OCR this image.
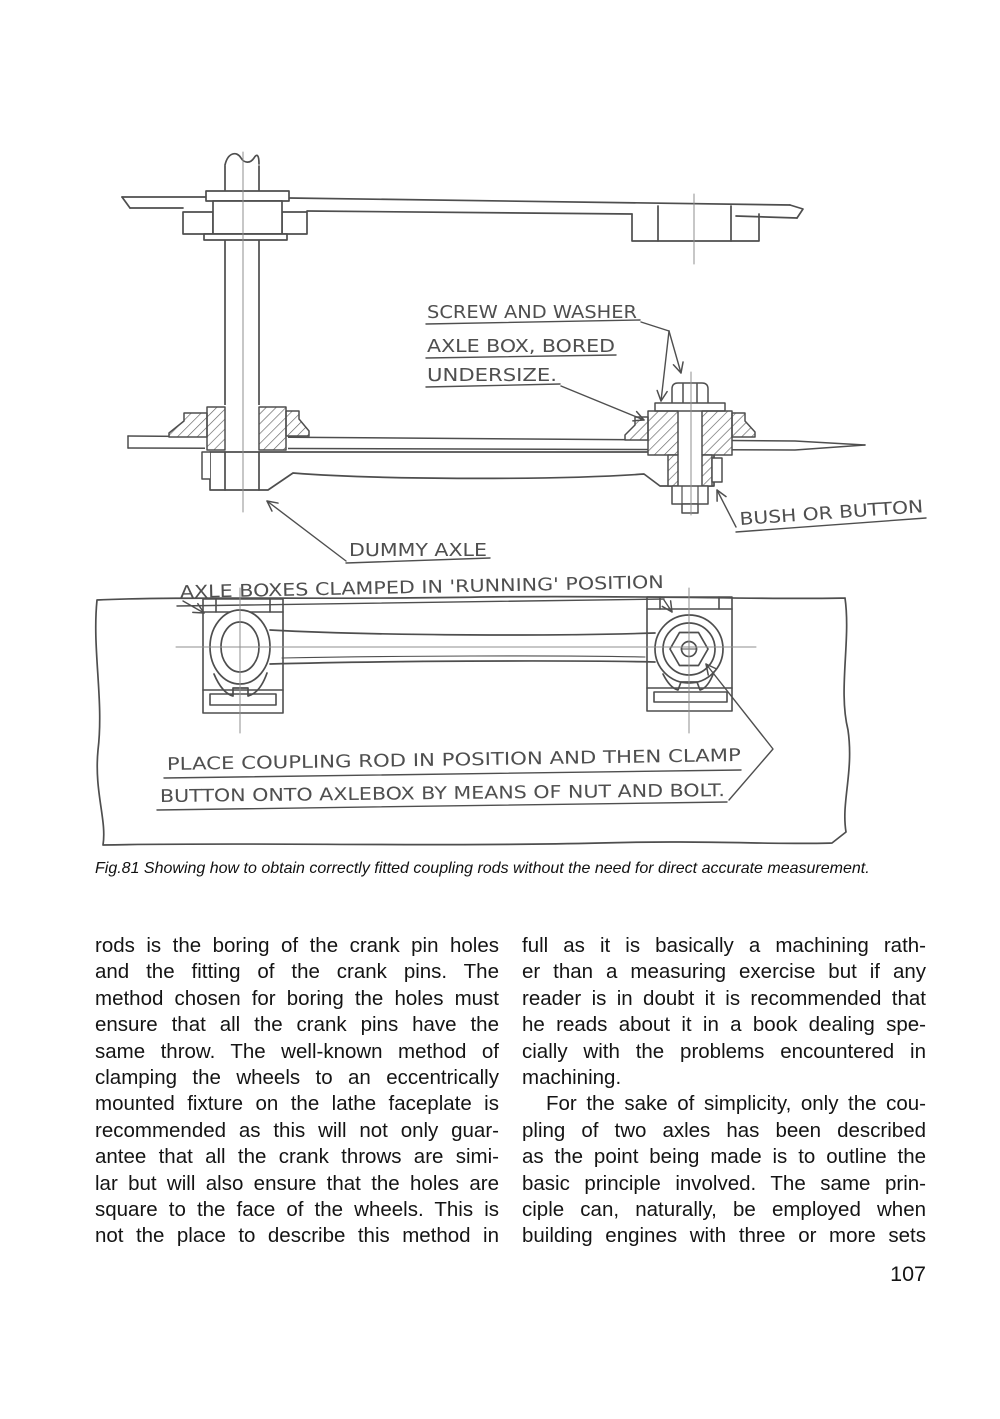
SCREW AND WASHER
AXLE BOX, BORED
UNDERSIZE.
DUMMY AXLE
BUSH OR BUTTON
AXLE BOXES CLAMPED IN 'RUNNING' POSITION
PLACE COUPLING ROD IN POSITION AND THEN CLAMP
BUTTON ONTO AXLEBOX BY MEANS OF NUT AND BOLT.
Fig.81 Showing how to obtain correctly fitted coupling rods without the need for direct accurate measurement.
rods is the boring of the crank pin holes
and the fitting of the crank pins. The
method chosen for boring the holes must
ensure that all the crank pins have the
same throw. The well-known method of
clamping the wheels to an eccentrically
mounted fixture on the lathe faceplate is
recommended as this will not only guar-
antee that all the crank throws are simi-
lar but will also ensure that the holes are
square to the face of the wheels. This is
not the place to describe this method in
full as it is basically a machining rath-
er than a measuring exercise but if any
reader is in doubt it is recommended that
he reads about it in a book dealing spe-
cially with the problems encountered in
machining.
For the sake of simplicity, only the cou-
pling of two axles has been described
as the point being made is to outline the
basic principle involved. The same prin-
ciple can, naturally, be employed when
building engines with three or more sets
107
